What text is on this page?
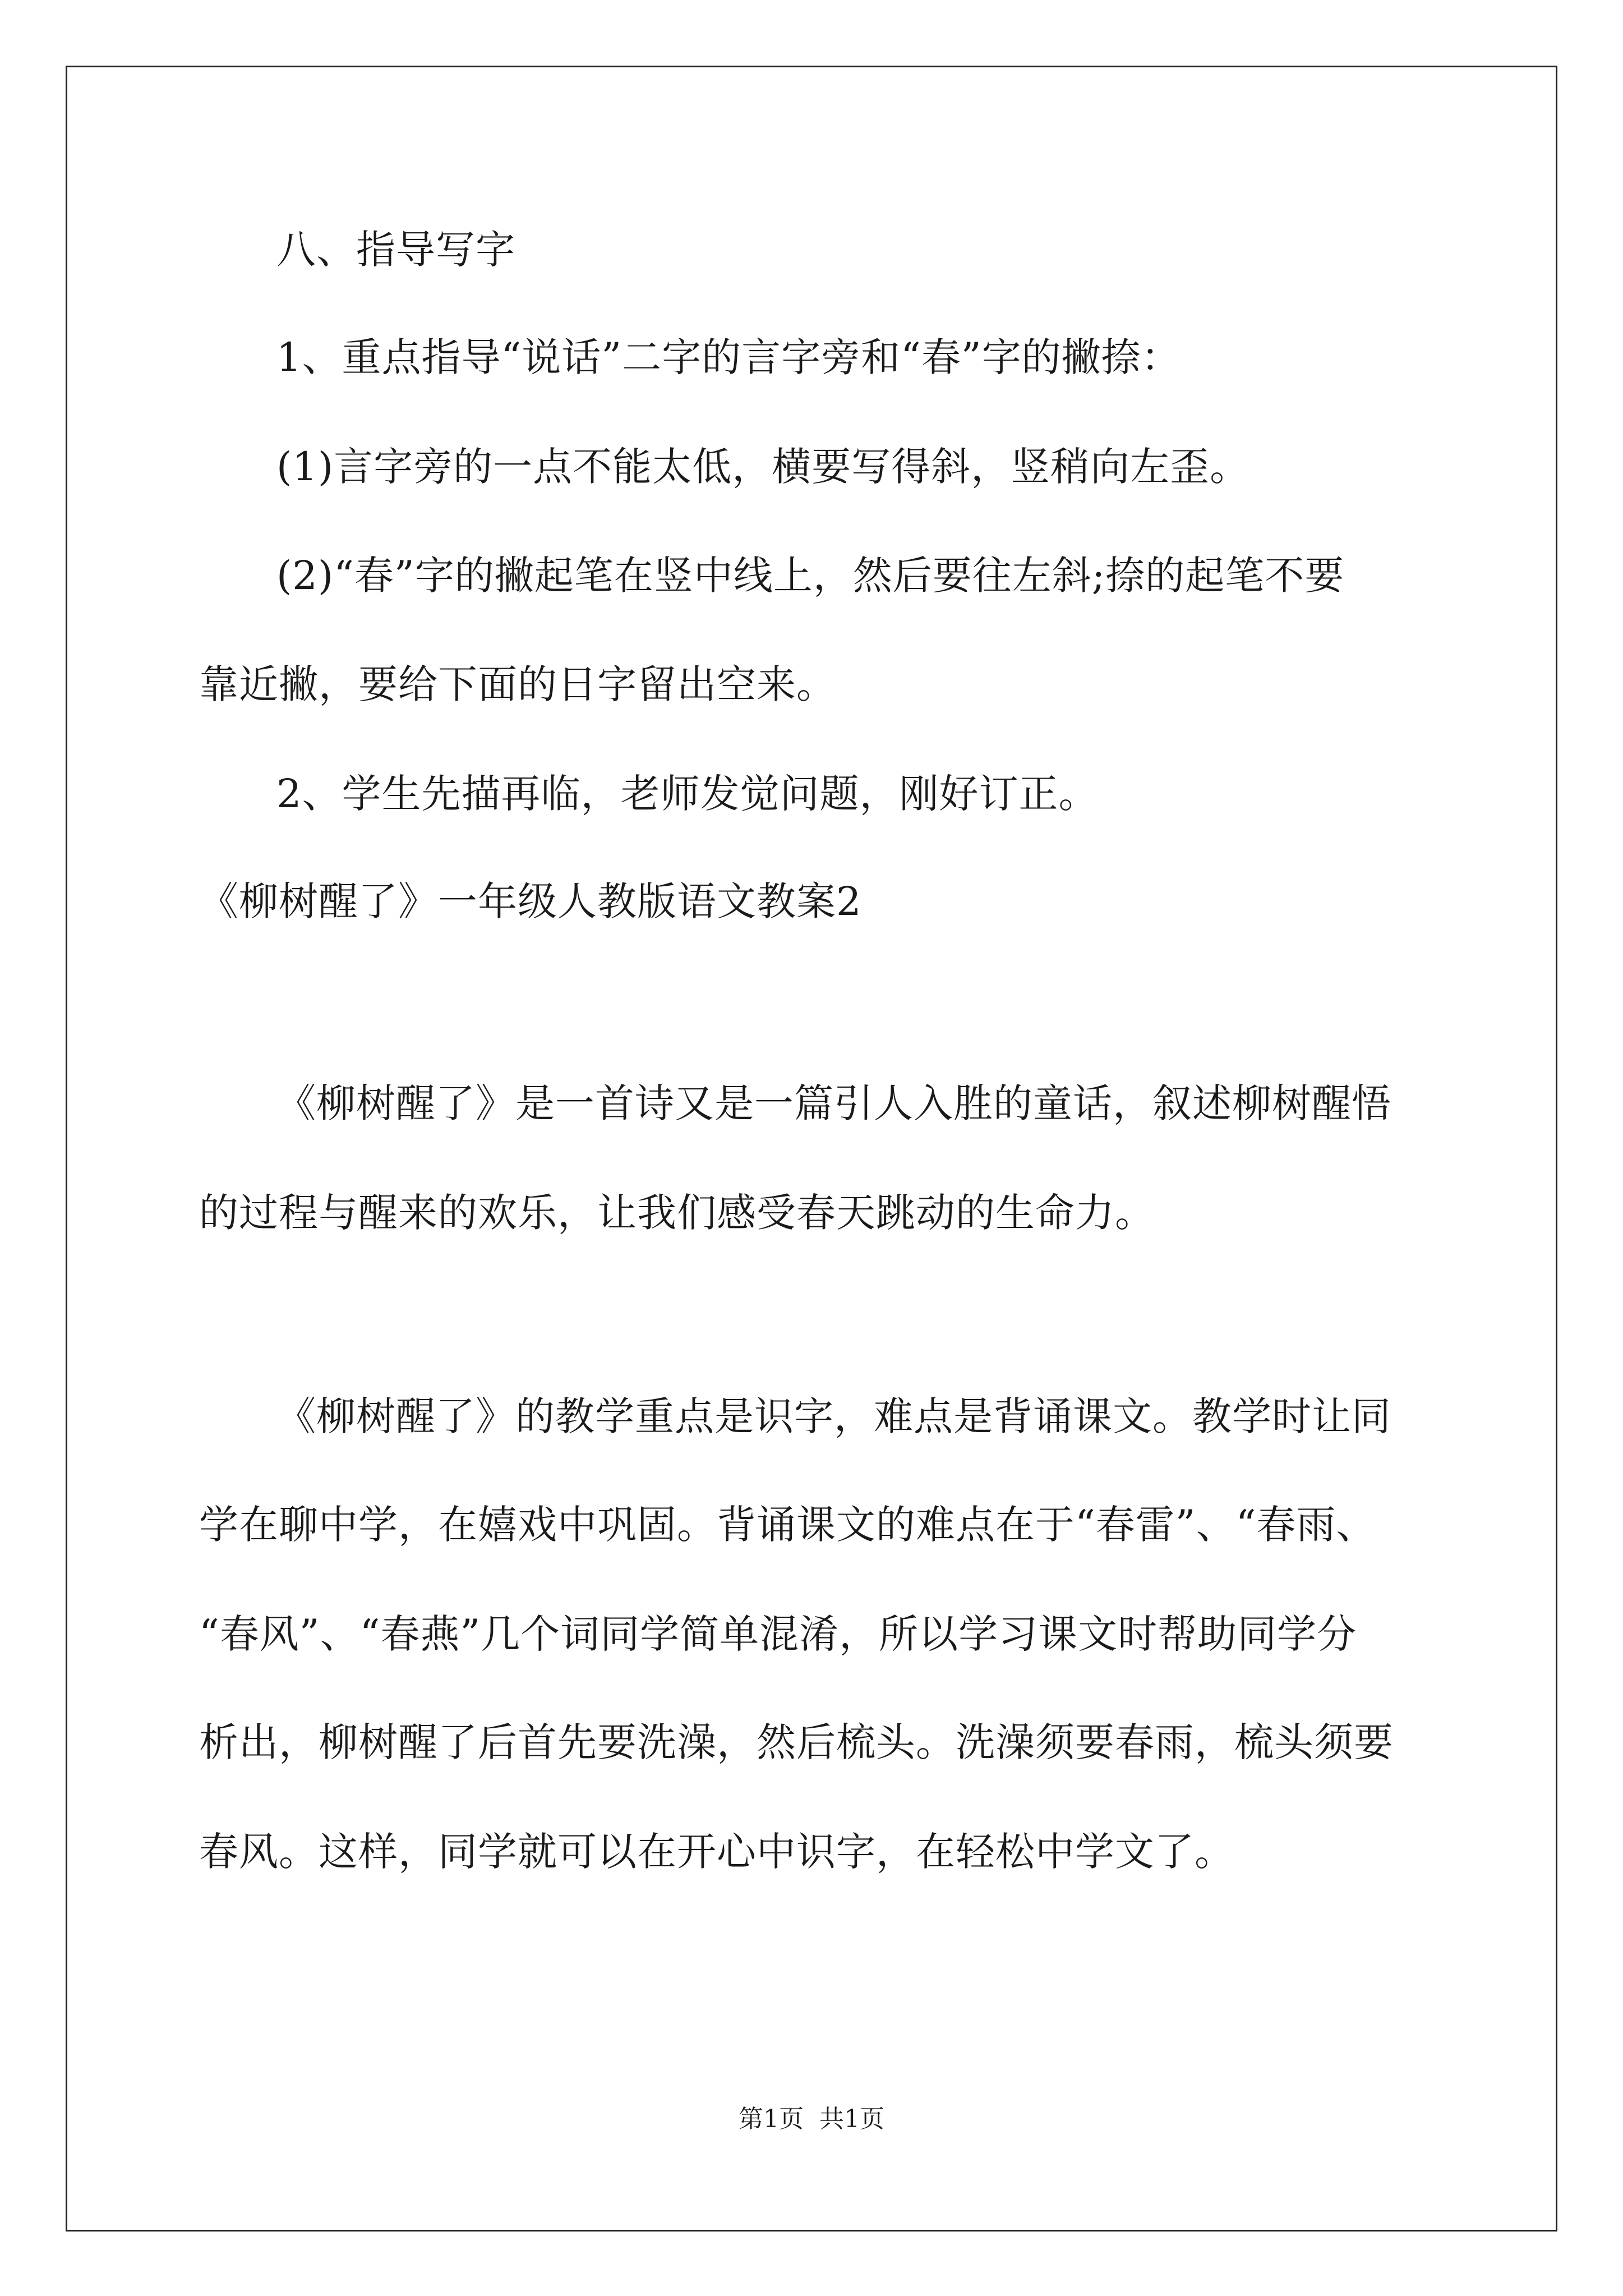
八、指导写字
1、重点指导“说话”二字的言字旁和“春”字的撇捺：
(1)言字旁的一点不能太低，横要写得斜，竖稍向左歪。
(2)“春”字的撇起笔在竖中线上，然后要往左斜;捺的起笔不要
靠近撇，要给下面的日字留出空来。
2、学生先描再临，老师发觉问题，刚好订正。
《柳树醒了》一年级人教版语文教案2
《柳树醒了》是一首诗又是一篇引人入胜的童话，叙述柳树醒悟
的过程与醒来的欢乐，让我们感受春天跳动的生命力。
《柳树醒了》的教学重点是识字，难点是背诵课文。教学时让同
学在聊中学，在嬉戏中巩固。背诵课文的难点在于“春雷”、“春雨、
“春风”、“春燕”几个词同学简单混淆，所以学习课文时帮助同学分
析出，柳树醒了后首先要洗澡，然后梳头。洗澡须要春雨，梳头须要
春风。这样，同学就可以在开心中识字，在轻松中学文了。
第1页 共1页
